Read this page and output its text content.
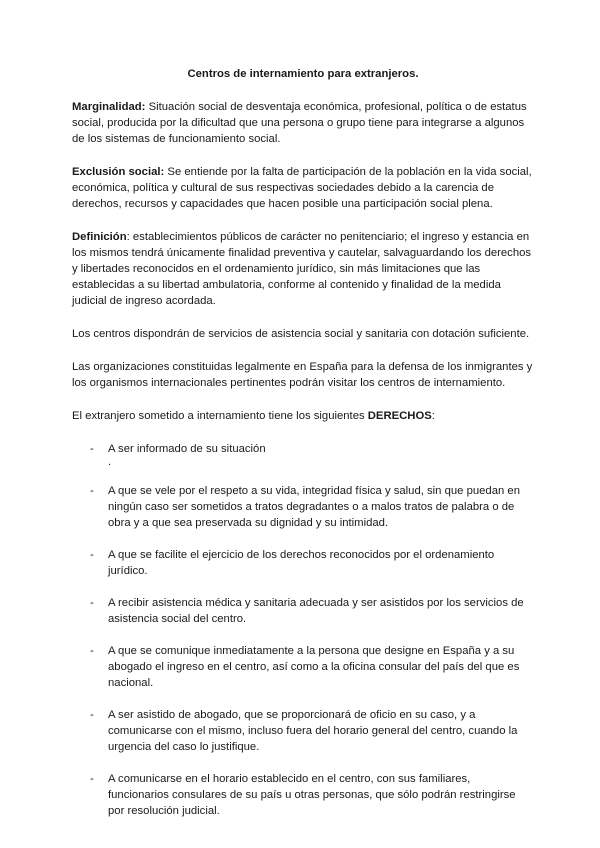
Centros de internamiento para extranjeros.

Marginalidad: Situación social de desventaja económica, profesional, política o de estatus social, producida por la dificultad que una persona o grupo tiene para integrarse a algunos de los sistemas de funcionamiento social.

Exclusión social: Se entiende por la falta de participación de la población en la vida social, económica, política y cultural de sus respectivas sociedades debido a la carencia de derechos, recursos y capacidades que hacen posible una participación social plena.

Definición: establecimientos públicos de carácter no penitenciario; el ingreso y estancia en los mismos tendrá únicamente finalidad preventiva y cautelar, salvaguardando los derechos y libertades reconocidos en el ordenamiento jurídico, sin más limitaciones que las establecidas a su libertad ambulatoria, conforme al contenido y finalidad de la medida judicial de ingreso acordada.

Los centros dispondrán de servicios de asistencia social y sanitaria con dotación suficiente.

Las organizaciones constituidas legalmente en España para la defensa de los inmigrantes y los organismos internacionales pertinentes podrán visitar los centros de internamiento.

El extranjero sometido a internamiento tiene los siguientes DERECHOS:

- A ser informado de su situación
.
- A que se vele por el respeto a su vida, integridad física y salud, sin que puedan en ningún caso ser sometidos a tratos degradantes o a malos tratos de palabra o de obra y a que sea preservada su dignidad y su intimidad.
- A que se facilite el ejercicio de los derechos reconocidos por el ordenamiento jurídico.
- A recibir asistencia médica y sanitaria adecuada y ser asistidos por los servicios de asistencia social del centro.
- A que se comunique inmediatamente a la persona que designe en España y a su abogado el ingreso en el centro, así como a la oficina consular del país del que es nacional.
- A ser asistido de abogado, que se proporcionará de oficio en su caso, y a comunicarse con el mismo, incluso fuera del horario general del centro, cuando la urgencia del caso lo justifique.
- A comunicarse en el horario establecido en el centro, con sus familiares, funcionarios consulares de su país u otras personas, que sólo podrán restringirse por resolución judicial.
